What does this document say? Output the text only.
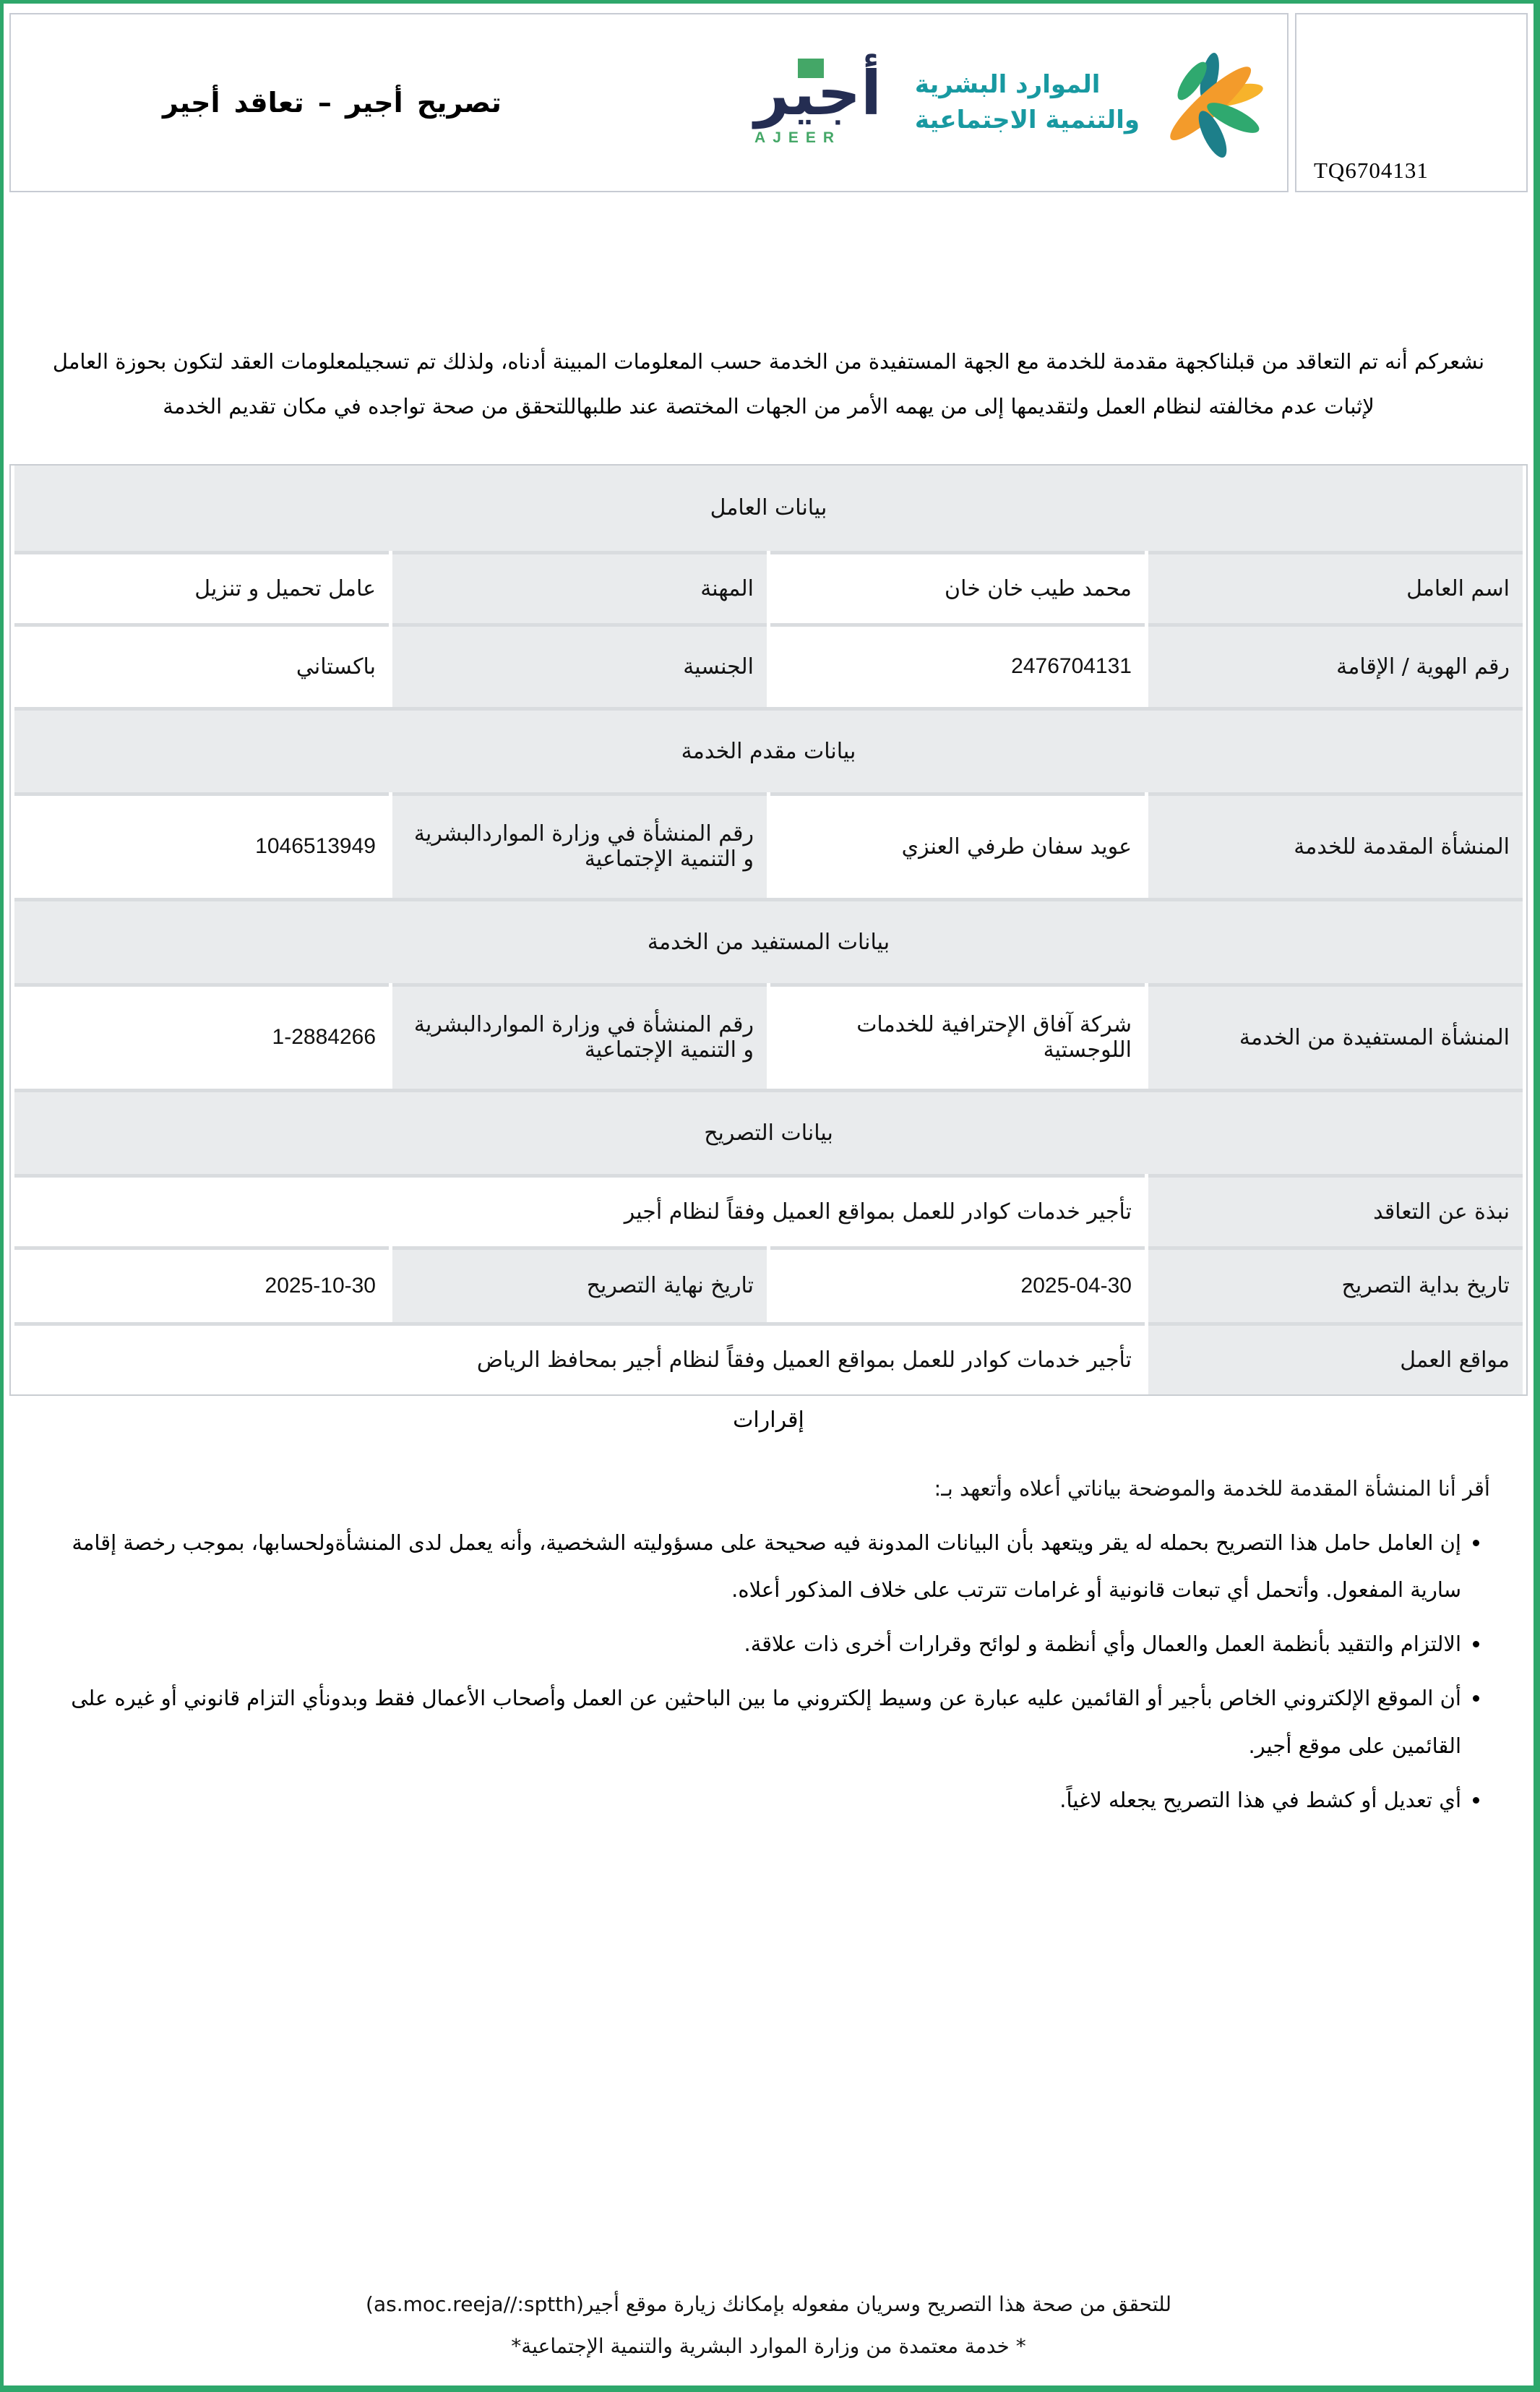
TQ6704131
تصريح أجير – تعاقد أجير	أجير
AJEER
الموارد البشرية
والتنمية الاجتماعية

نشعركم أنه تم التعاقد من قبلناكجهة مقدمة للخدمة مع الجهة المستفيدة من الخدمة حسب المعلومات المبينة أدناه، ولذلك تم تسجيلمعلومات العقد لتكون بحوزة العامل لإثبات عدم مخالفته لنظام العمل ولتقديمها إلى من يهمه الأمر من الجهات المختصة عند طلبهاللتحقق من صحة تواجده في مكان تقديم الخدمة

بيانات العامل			
اسم العامل	محمد طيب خان خان	المهنة	عامل تحميل و تنزيل
رقم الهوية / الإقامة	2476704131	الجنسية	باكستاني
بيانات مقدم الخدمة			
المنشأة المقدمة للخدمة	عويد سفان طرفي العنزي	رقم المنشأة في وزارة المواردالبشرية و التنمية الإجتماعية	1046513949
بيانات المستفيد من الخدمة			
المنشأة المستفيدة من الخدمة	شركة آفاق الإحترافية للخدمات اللوجستية	رقم المنشأة في وزارة المواردالبشرية و التنمية الإجتماعية	1-2884266
بيانات التصريح			
نبذة عن التعاقد	تأجير خدمات كوادر للعمل بمواقع العميل وفقاً لنظام أجير		
تاريخ بداية التصريح	2025-04-30	تاريخ نهاية التصريح	2025-10-30
مواقع العمل	تأجير خدمات كوادر للعمل بمواقع العميل وفقاً لنظام أجير بمحافظ الرياض		
إقرارات

أقر أنا المنشأة المقدمة للخدمة والموضحة بياناتي أعلاه وأتعهد بـ:

• إن العامل حامل هذا التصريح بحمله له يقر ويتعهد بأن البيانات المدونة فيه صحيحة على مسؤوليته الشخصية، وأنه يعمل لدى المنشأةولحسابها، بموجب رخصة إقامة سارية المفعول. وأتحمل أي تبعات قانونية أو غرامات تترتب على خلاف المذكور أعلاه.
• الالتزام والتقيد بأنظمة العمل والعمال وأي أنظمة و لوائح وقرارات أخرى ذات علاقة.
• أن الموقع الإلكتروني الخاص بأجير أو القائمين عليه عبارة عن وسيط إلكتروني ما بين الباحثين عن العمل وأصحاب الأعمال فقط وبدونأي التزام قانوني أو غيره على القائمين على موقع أجير.
• أي تعديل أو كشط في هذا التصريح يجعله لاغياً.
للتحقق من صحة هذا التصريح وسريان مفعوله بإمكانك زيارة موقع أجير(as.moc.reeja//:sptth)
* خدمة معتمدة من وزارة الموارد البشرية والتنمية الإجتماعية*
